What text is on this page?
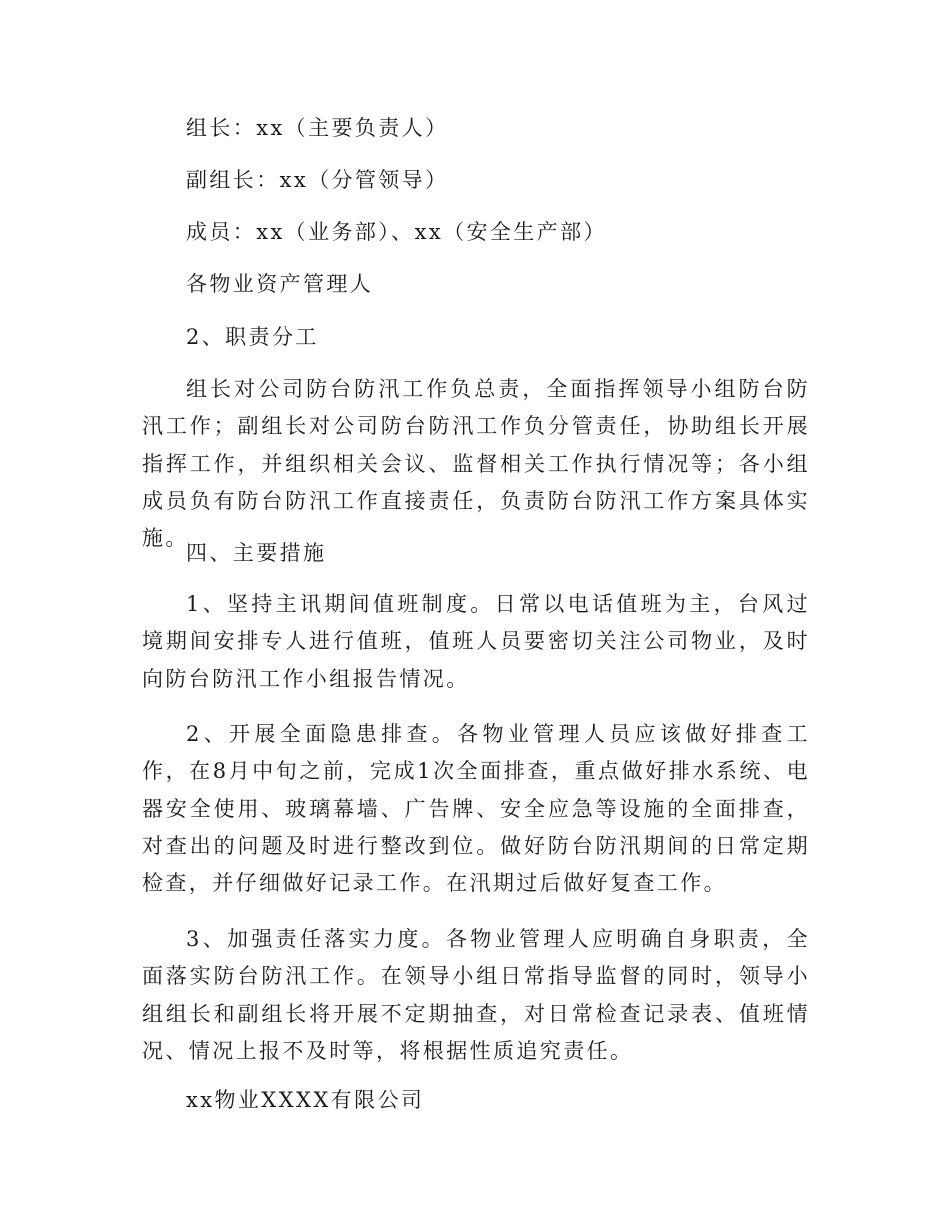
组长：xx（主要负责人）
副组长：xx（分管领导）
成员：xx（业务部）、xx（安全生产部）
各物业资产管理人
2、职责分工
组长对公司防台防汛工作负总责，全面指挥领导小组防台防汛工作；副组长对公司防台防汛工作负分管责任，协助组长开展指挥工作，并组织相关会议、监督相关工作执行情况等；各小组成员负有防台防汛工作直接责任，负责防台防汛工作方案具体实施。
四、主要措施
1、坚持主讯期间值班制度。日常以电话值班为主，台风过境期间安排专人进行值班，值班人员要密切关注公司物业，及时向防台防汛工作小组报告情况。
2、开展全面隐患排查。各物业管理人员应该做好排查工作，在8月中旬之前，完成1次全面排查，重点做好排水系统、电器安全使用、玻璃幕墙、广告牌、安全应急等设施的全面排查，对查出的问题及时进行整改到位。做好防台防汛期间的日常定期检查，并仔细做好记录工作。在汛期过后做好复查工作。
3、加强责任落实力度。各物业管理人应明确自身职责，全面落实防台防汛工作。在领导小组日常指导监督的同时，领导小组组长和副组长将开展不定期抽查，对日常检查记录表、值班情况、情况上报不及时等，将根据性质追究责任。
xx物业XXXX有限公司
